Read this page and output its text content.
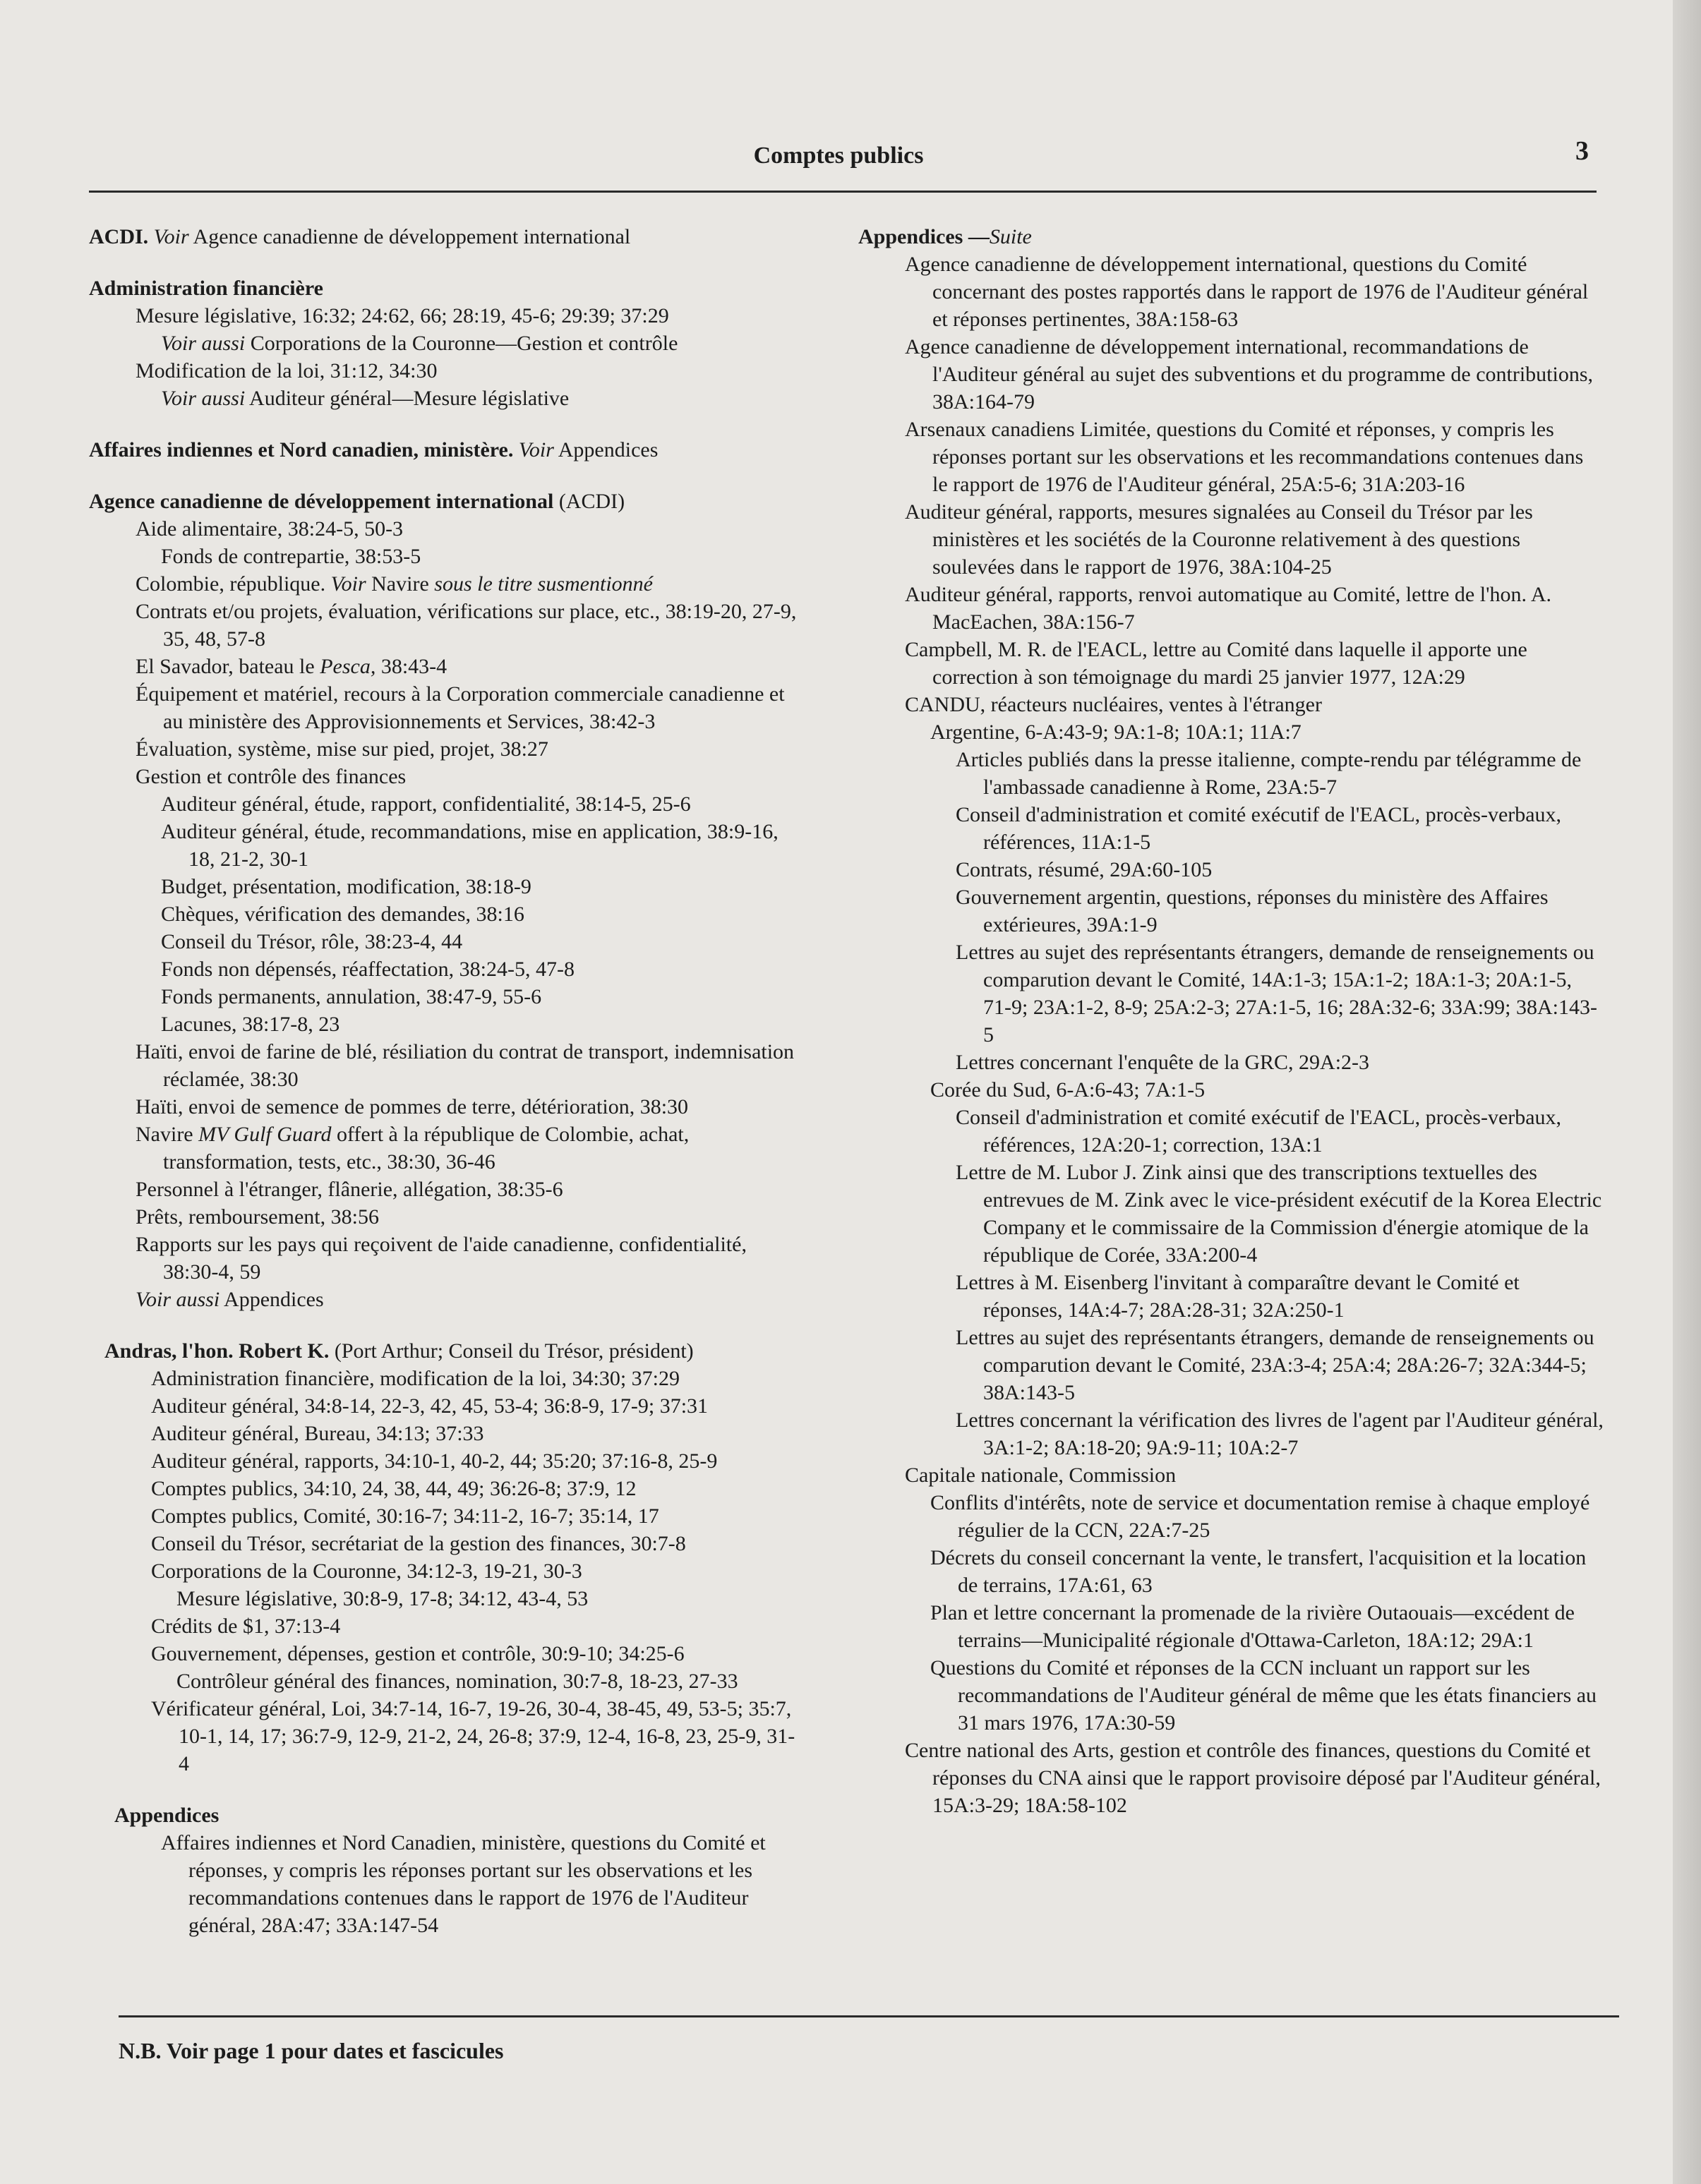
Comptes publics	3
ACDI. Voir Agence canadienne de développement international
Administration financière
Mesure législative, 16:32; 24:62, 66; 28:19, 45-6; 29:39; 37:29
Voir aussi Corporations de la Couronne—Gestion et contrôle
Modification de la loi, 31:12, 34:30
Voir aussi Auditeur général—Mesure législative
Affaires indiennes et Nord canadien, ministère. Voir Appendices
Agence canadienne de développement international (ACDI)
Aide alimentaire, 38:24-5, 50-3
Fonds de contrepartie, 38:53-5
Colombie, république. Voir Navire sous le titre susmentionné
Contrats et/ou projets, évaluation, vérifications sur place, etc., 38:19-20, 27-9, 35, 48, 57-8
El Savador, bateau le Pesca, 38:43-4
Équipement et matériel, recours à la Corporation commerciale canadienne et au ministère des Approvisionnements et Services, 38:42-3
Évaluation, système, mise sur pied, projet, 38:27
Gestion et contrôle des finances
Auditeur général, étude, rapport, confidentialité, 38:14-5, 25-6
Auditeur général, étude, recommandations, mise en application, 38:9-16, 18, 21-2, 30-1
Budget, présentation, modification, 38:18-9
Chèques, vérification des demandes, 38:16
Conseil du Trésor, rôle, 38:23-4, 44
Fonds non dépensés, réaffectation, 38:24-5, 47-8
Fonds permanents, annulation, 38:47-9, 55-6
Lacunes, 38:17-8, 23
Haïti, envoi de farine de blé, résiliation du contrat de transport, indemnisation réclamée, 38:30
Haïti, envoi de semence de pommes de terre, détérioration, 38:30
Navire MV Gulf Guard offert à la république de Colombie, achat, transformation, tests, etc., 38:30, 36-46
Personnel à l'étranger, flânerie, allégation, 38:35-6
Prêts, remboursement, 38:56
Rapports sur les pays qui reçoivent de l'aide canadienne, confidentialité, 38:30-4, 59
Voir aussi Appendices
Andras, l'hon. Robert K. (Port Arthur; Conseil du Trésor, président)
Administration financière, modification de la loi, 34:30; 37:29
Auditeur général, 34:8-14, 22-3, 42, 45, 53-4; 36:8-9, 17-9; 37:31
Auditeur général, Bureau, 34:13; 37:33
Auditeur général, rapports, 34:10-1, 40-2, 44; 35:20; 37:16-8, 25-9
Comptes publics, 34:10, 24, 38, 44, 49; 36:26-8; 37:9, 12
Comptes publics, Comité, 30:16-7; 34:11-2, 16-7; 35:14, 17
Conseil du Trésor, secrétariat de la gestion des finances, 30:7-8
Corporations de la Couronne, 34:12-3, 19-21, 30-3
Mesure législative, 30:8-9, 17-8; 34:12, 43-4, 53
Crédits de $1, 37:13-4
Gouvernement, dépenses, gestion et contrôle, 30:9-10; 34:25-6
Contrôleur général des finances, nomination, 30:7-8, 18-23, 27-33
Vérificateur général, Loi, 34:7-14, 16-7, 19-26, 30-4, 38-45, 49, 53-5; 35:7, 10-1, 14, 17; 36:7-9, 12-9, 21-2, 24, 26-8; 37:9, 12-4, 16-8, 23, 25-9, 31-4
Appendices
Affaires indiennes et Nord Canadien, ministère, questions du Comité et réponses, y compris les réponses portant sur les observations et les recommandations contenues dans le rapport de 1976 de l'Auditeur général, 28A:47; 33A:147-54
Appendices —Suite
Agence canadienne de développement international, questions du Comité concernant des postes rapportés dans le rapport de 1976 de l'Auditeur général et réponses pertinentes, 38A:158-63
Agence canadienne de développement international, recommandations de l'Auditeur général au sujet des subventions et du programme de contributions, 38A:164-79
Arsenaux canadiens Limitée, questions du Comité et réponses, y compris les réponses portant sur les observations et les recommandations contenues dans le rapport de 1976 de l'Auditeur général, 25A:5-6; 31A:203-16
Auditeur général, rapports, mesures signalées au Conseil du Trésor par les ministères et les sociétés de la Couronne relativement à des questions soulevées dans le rapport de 1976, 38A:104-25
Auditeur général, rapports, renvoi automatique au Comité, lettre de l'hon. A. MacEachen, 38A:156-7
Campbell, M. R. de l'EACL, lettre au Comité dans laquelle il apporte une correction à son témoignage du mardi 25 janvier 1977, 12A:29
CANDU, réacteurs nucléaires, ventes à l'étranger
Argentine, 6-A:43-9; 9A:1-8; 10A:1; 11A:7
Articles publiés dans la presse italienne, compte-rendu par télégramme de l'ambassade canadienne à Rome, 23A:5-7
Conseil d'administration et comité exécutif de l'EACL, procès-verbaux, références, 11A:1-5
Contrats, résumé, 29A:60-105
Gouvernement argentin, questions, réponses du ministère des Affaires extérieures, 39A:1-9
Lettres au sujet des représentants étrangers, demande de renseignements ou comparution devant le Comité, 14A:1-3; 15A:1-2; 18A:1-3; 20A:1-5, 71-9; 23A:1-2, 8-9; 25A:2-3; 27A:1-5, 16; 28A:32-6; 33A:99; 38A:143-5
Lettres concernant l'enquête de la GRC, 29A:2-3
Corée du Sud, 6-A:6-43; 7A:1-5
Conseil d'administration et comité exécutif de l'EACL, procès-verbaux, références, 12A:20-1; correction, 13A:1
Lettre de M. Lubor J. Zink ainsi que des transcriptions textuelles des entrevues de M. Zink avec le vice-président exécutif de la Korea Electric Company et le commissaire de la Commission d'énergie atomique de la république de Corée, 33A:200-4
Lettres à M. Eisenberg l'invitant à comparaître devant le Comité et réponses, 14A:4-7; 28A:28-31; 32A:250-1
Lettres au sujet des représentants étrangers, demande de renseignements ou comparution devant le Comité, 23A:3-4; 25A:4; 28A:26-7; 32A:344-5; 38A:143-5
Lettres concernant la vérification des livres de l'agent par l'Auditeur général, 3A:1-2; 8A:18-20; 9A:9-11; 10A:2-7
Capitale nationale, Commission
Conflits d'intérêts, note de service et documentation remise à chaque employé régulier de la CCN, 22A:7-25
Décrets du conseil concernant la vente, le transfert, l'acquisition et la location de terrains, 17A:61, 63
Plan et lettre concernant la promenade de la rivière Outaouais—excédent de terrains—Municipalité régionale d'Ottawa-Carleton, 18A:12; 29A:1
Questions du Comité et réponses de la CCN incluant un rapport sur les recommandations de l'Auditeur général de même que les états financiers au 31 mars 1976, 17A:30-59
Centre national des Arts, gestion et contrôle des finances, questions du Comité et réponses du CNA ainsi que le rapport provisoire déposé par l'Auditeur général, 15A:3-29; 18A:58-102
N.B. Voir page 1 pour dates et fascicules
